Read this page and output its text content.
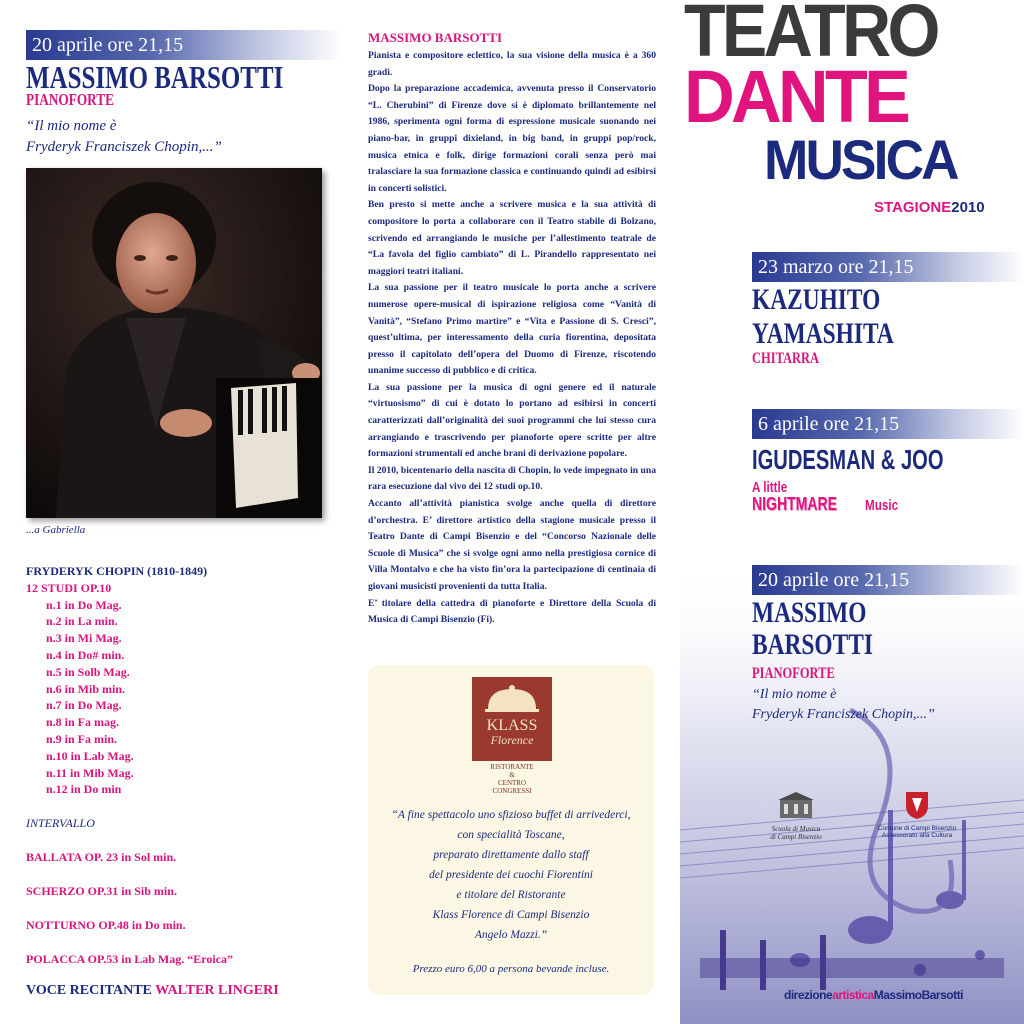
20 aprile ore 21,15
MASSIMO BARSOTTI
PIANOFORTE
“Il mio nome è
Fryderyk Franciszek Chopin,...”
...a Gabriella
FRYDERYK CHOPIN (1810-1849)
12 STUDI OP.10
n.1 in Do Mag.
n.2 in La min.
n.3 in Mi Mag.
n.4 in Do# min.
n.5 in Solb Mag.
n.6 in Mib min.
n.7 in Do Mag.
n.8 in Fa mag.
n.9 in Fa min.
n.10 in Lab Mag.
n.11 in Mib Mag.
n.12 in Do min
INTERVALLO
BALLATA OP. 23 in Sol min.
SCHERZO OP.31 in Sib min.
NOTTURNO OP.48 in Do min.
POLACCA OP.53 in Lab Mag. “Eroica”
VOCE RECITANTE WALTER LINGERI
MASSIMO BARSOTTI

Pianista e compositore eclettico, la sua visione della musica è a 360 gradi.

Dopo la preparazione accademica, avvenuta presso il Conservatorio “L. Cherubini” di Firenze dove si è diplomato brillantemente nel 1986, sperimenta ogni forma di espressione musicale suonando nei piano-bar, in gruppi dixieland, in big band, in gruppi pop/rock, musica etnica e folk, dirige formazioni corali senza però mai tralasciare la sua formazione classica e continuando quindi ad esibirsi in concerti solistici.

Ben presto si mette anche a scrivere musica e la sua attività di compositore lo porta a collaborare con il Teatro stabile di Bolzano, scrivendo ed arrangiando le musiche per l’allestimento teatrale de “La favola del figlio cambiato” di L. Pirandello rappresentato nei maggiori teatri italiani.

La sua passione per il teatro musicale lo porta anche a scrivere numerose opere-musical di ispirazione religiosa come “Vanità di Vanità”, “Stefano Primo martire” e “Vita e Passione di S. Cresci”, quest’ultima, per interessamento della curia fiorentina, depositata presso il capitolato dell’opera del Duomo di Firenze, riscotendo unanime successo di pubblico e di critica.

La sua passione per la musica di ogni genere ed il naturale “virtuosismo” di cui è dotato lo portano ad esibirsi in concerti caratterizzati dall’originalità dei suoi programmi che lui stesso cura arrangiando e trascrivendo per pianoforte opere scritte per altre formazioni strumentali ed anche brani di derivazione popolare.

Il 2010, bicentenario della nascita di Chopin, lo vede impegnato in una rara esecuzione dal vivo dei 12 studi op.10.

Accanto all’attività pianistica svolge anche quella di direttore d’orchestra. E’ direttore artistico della stagione musicale presso il Teatro Dante di Campi Bisenzio e del “Concorso Nazionale delle Scuole di Musica” che si svolge ogni anno nella prestigiosa cornice di Villa Montalvo e che ha visto fin’ora la partecipazione di centinaia di giovani musicisti provenienti da tutta Italia.

E’ titolare della cattedra di pianoforte e Direttore della Scuola di Musica di Campi Bisenzio (Fi).

KLASS
Florence
RISTORANTE
&
CENTRO
CONGRESSI
“A fine spettacolo uno sfizioso buffet di arrivederci,
con specialità Toscane,
preparato direttamente dallo staff
del presidente dei cuochi Fiorentini
e titolare del Ristorante
Klass Florence di Campi Bisenzio
Angelo Mazzi.”
Prezzo euro 6,00 a persona bevande incluse.
TEATRO
DANTE
MUSICA
STAGIONE2010
23 marzo ore 21,15
KAZUHITO
YAMASHITA
CHITARRA
6 aprile ore 21,15
IGUDESMAN & JOO
A little
NIGHTMARE Music
20 aprile ore 21,15
MASSIMO
BARSOTTI
PIANOFORTE
“Il mio nome è
Fryderyk Franciszek Chopin,...”
Scuola di Musica
di Campi Bisenzio
Comune di Campi Bisenzio
Assessorato alla Cultura
direzioneartisticaMassimoBarsotti
